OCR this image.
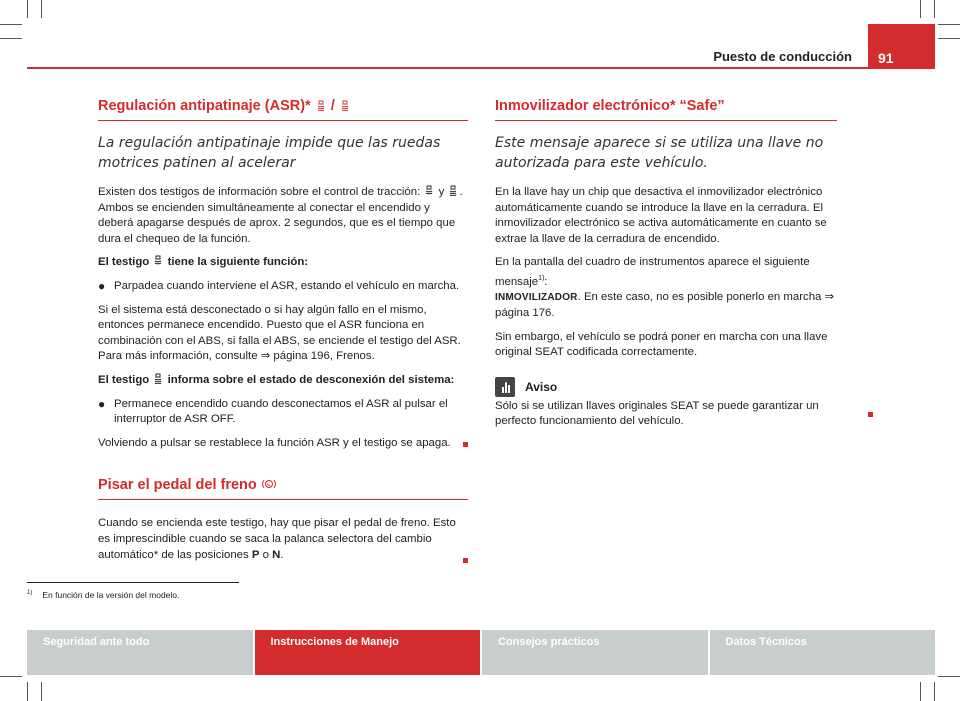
Puesto de conducción	91
Regulación antipatinaje (ASR)*  /
La regulación antipatinaje impide que las ruedas motrices patinen al acelerar

Existen dos testigos de información sobre el control de tracción:  y . Ambos se encienden simultáneamente al conectar el encendido y deberá apagarse después de aprox. 2 segundos, que es el tiempo que dura el chequeo de la función.

El testigo  tiene la siguiente función:

● Parpadea cuando interviene el ASR, estando el vehículo en marcha.

Si el sistema está desconectado o si hay algún fallo en el mismo, entonces permanece encendido. Puesto que el ASR funciona en combinación con el ABS, si falla el ABS, se enciende el testigo del ASR. Para más información, consulte ⇒ página 196, Frenos.

El testigo  informa sobre el estado de desconexión del sistema:

● Permanece encendido cuando desconectamos el ASR al pulsar el interruptor de ASR OFF.

Volviendo a pulsar se restablece la función ASR y el testigo se apaga.

Pisar el pedal del freno

Cuando se encienda este testigo, hay que pisar el pedal de freno. Esto es imprescindible cuando se saca la palanca selectora del cambio automático* de las posiciones P o N.

Inmovilizador electrónico* “Safe”
Este mensaje aparece si se utiliza una llave no autorizada para este vehículo.

En la llave hay un chip que desactiva el inmovilizador electrónico automáticamente cuando se introduce la llave en la cerradura. El inmovilizador electrónico se activa automáticamente en cuanto se extrae la llave de la cerradura de encendido.

En la pantalla del cuadro de instrumentos aparece el siguiente mensaje$^{1)}$:
INMOVILIZADOR. En este caso, no es posible ponerlo en marcha ⇒ página 176.

Sin embargo, el vehículo se podrá poner en marcha con una llave original SEAT codificada correctamente.

Aviso

Sólo si se utilizan llaves originales SEAT se puede garantizar un perfecto funcionamiento del vehículo.

$^{1)}$ En función de la versión del modelo.
Seguridad ante todo	Instrucciones de Manejo	Consejos prácticos	Datos Técnicos
